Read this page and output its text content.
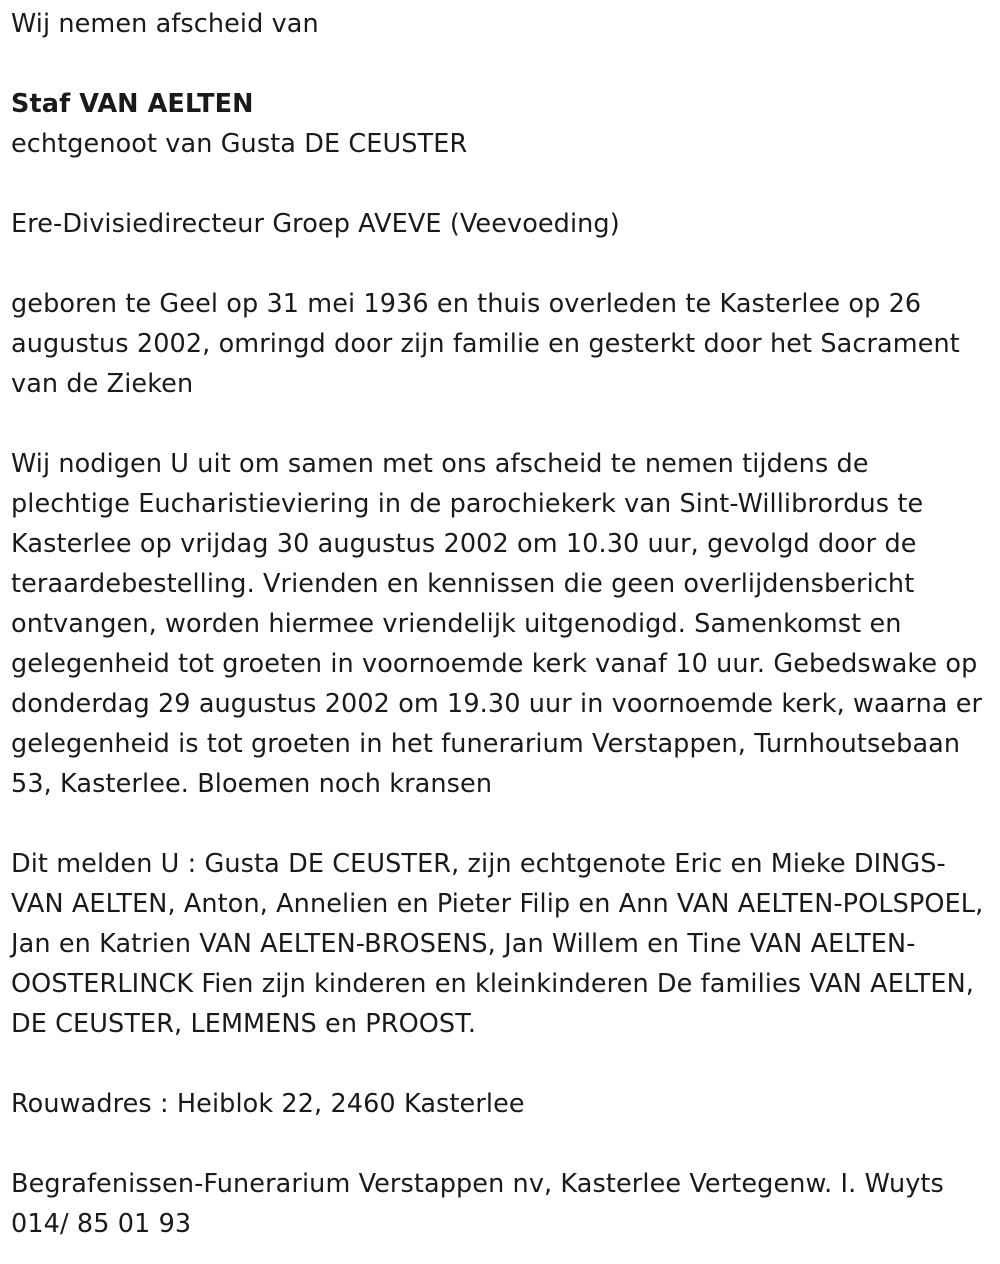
Wij nemen afscheid van

Staf VAN AELTEN

echtgenoot van Gusta DE CEUSTER

Ere-Divisiedirecteur Groep AVEVE (Veevoeding)

geboren te Geel op 31 mei 1936 en thuis overleden te Kasterlee op 26 augustus 2002, omringd door zijn familie en gesterkt door het Sacrament van de Zieken

Wij nodigen U uit om samen met ons afscheid te nemen tijdens de plechtige Eucharistieviering in de parochiekerk van Sint-Willibrordus te Kasterlee op vrijdag 30 augustus 2002 om 10.30 uur, gevolgd door de teraardebestelling. Vrienden en kennissen die geen overlijdensbericht ontvangen, worden hiermee vriendelijk uitgenodigd. Samenkomst en gelegenheid tot groeten in voornoemde kerk vanaf 10 uur. Gebedswake op donderdag 29 augustus 2002 om 19.30 uur in voornoemde kerk, waarna er gelegenheid is tot groeten in het funerarium Verstappen, Turnhoutsebaan 53, Kasterlee. Bloemen noch kransen

Dit melden U : Gusta DE CEUSTER, zijn echtgenote Eric en Mieke DINGS-VAN AELTEN, Anton, Annelien en Pieter Filip en Ann VAN AELTEN-POLSPOEL, Jan en Katrien VAN AELTEN-BROSENS, Jan Willem en Tine VAN AELTEN-OOSTERLINCK Fien zijn kinderen en kleinkinderen De families VAN AELTEN, DE CEUSTER, LEMMENS en PROOST.

Rouwadres : Heiblok 22, 2460 Kasterlee

Begrafenissen-Funerarium Verstappen nv, Kasterlee Vertegenw. I. Wuyts 014/ 85 01 93
